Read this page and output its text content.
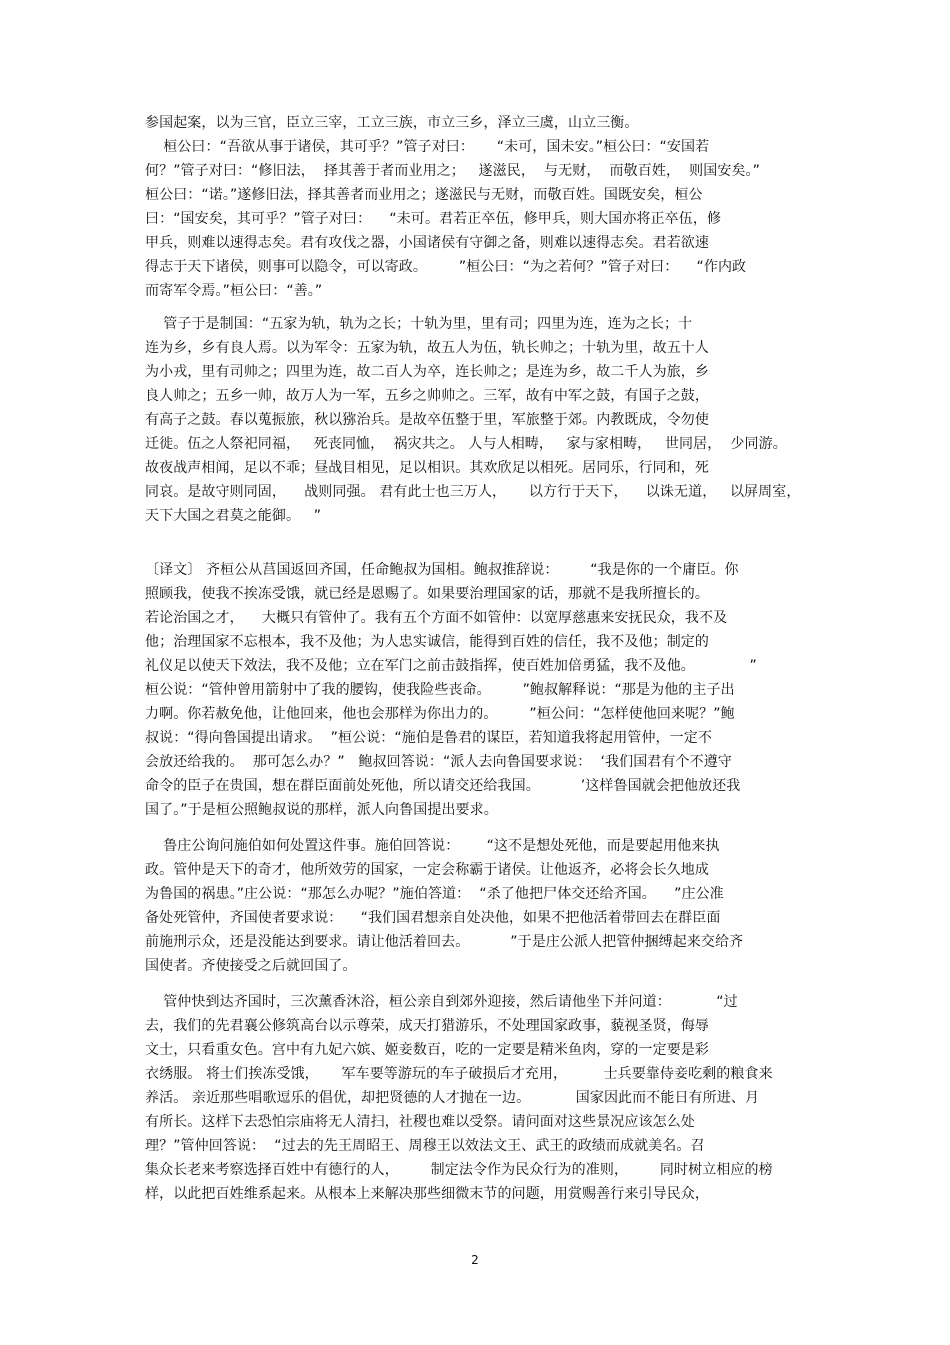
参国起案，以为三官，臣立三宰，工立三族，市立三乡，泽立三虞，山立三衡。
桓公曰：“吾欲从事于诸侯，其可乎？”管子对曰：     “未可，国未安。”桓公曰：“安国若
何？”管子对曰：“修旧法，  择其善于者而业用之；   遂滋民，  与无财，  而敬百姓，  则国安矣。”
桓公曰：“诺。”遂修旧法，择其善者而业用之；遂滋民与无财，而敬百姓。国既安矣，桓公
曰：“国安矣，其可乎？”管子对曰：    “未可。君若正卒伍，修甲兵，则大国亦将正卒伍，修
甲兵，则难以速得志矣。君有攻伐之器，小国诸侯有守御之备，则难以速得志矣。君若欲速
得志于天下诸侯，则事可以隐令，可以寄政。       ”桓公曰：“为之若何？”管子对曰：    “作内政
而寄军令焉。”桓公曰：“善。”
管子于是制国：“五家为轨，轨为之长；十轨为里，里有司；四里为连，连为之长；十
连为乡，乡有良人焉。以为军令：五家为轨，故五人为伍，轨长帅之；十轨为里，故五十人
为小戎，里有司帅之；四里为连，故二百人为卒，连长帅之；是连为乡，故二千人为旅，乡
良人帅之；五乡一帅，故万人为一军，五乡之帅帅之。三军，故有中军之鼓，有国子之鼓，
有高子之鼓。春以蒐振旅，秋以猕治兵。是故卒伍整于里，军旅整于郊。内教既成，令勿使
迁徙。伍之人祭祀同福，   死丧同恤，  祸灾共之。 人与人相畴，   家与家相畴，   世同居，  少同游。
故夜战声相闻，足以不乖；昼战目相见，足以相识。其欢欣足以相死。居同乐，行同和，死
同哀。是故守则同固，    战则同强。 君有此士也三万人，     以方行于天下，    以诛无道，   以屏周室，
天下大国之君莫之能御。   ”
〔译文〕 齐桓公从莒国返回齐国，任命鲍叔为国相。鲍叔推辞说：       “我是你的一个庸臣。你
照顾我，使我不挨冻受饿，就已经是恩赐了。如果要治理国家的话，那就不是我所擅长的。
若论治国之才，    大概只有管仲了。我有五个方面不如管仲：以宽厚慈惠来安抚民众，我不及
他；治理国家不忘根本，我不及他；为人忠实诚信，能得到百姓的信任，我不及他；制定的
礼仪足以使天下效法，我不及他；立在军门之前击鼓指挥，使百姓加倍勇猛，我不及他。            ”
桓公说：“管仲曾用箭射中了我的腰钩，使我险些丧命。       ”鲍叔解释说：“那是为他的主子出
力啊。你若赦免他，让他回来，他也会那样为你出力的。       ”桓公问：“怎样使他回来呢？”鲍
叔说：“得向鲁国提出请求。  ”桓公说：“施伯是鲁君的谋臣，若知道我将起用管仲，一定不
会放还给我的。  那可怎么办？”   鲍叔回答说：“派人去向鲁国要求说：  ‘我们国君有个不遵守
命令的臣子在贵国，想在群臣面前处死他，所以请交还给我国。         ’这样鲁国就会把他放还我
国了。”于是桓公照鲍叔说的那样，派人向鲁国提出要求。
鲁庄公询问施伯如何处置这件事。施伯回答说：      “这不是想处死他，而是要起用他来执
政。管仲是天下的奇才，他所效劳的国家，一定会称霸于诸侯。让他返齐，必将会长久地成
为鲁国的祸患。”庄公说：“那怎么办呢？”施伯答道：  “杀了他把尸体交还给齐国。    ”庄公准
备处死管仲，齐国使者要求说：    “我们国君想亲自处决他，如果不把他活着带回去在群臣面
前施刑示众，还是没能达到要求。请让他活着回去。         ”于是庄公派人把管仲捆缚起来交给齐
国使者。齐使接受之后就回国了。
管仲快到达齐国时，三次薰香沐浴，桓公亲自到郊外迎接，然后请他坐下并问道：          “过
去，我们的先君襄公修筑高台以示尊荣，成天打猎游乐，不处理国家政事，藐视圣贤，侮辱
文士，只看重女色。宫中有九妃六嫔、姬妾数百，吃的一定要是精米鱼肉，穿的一定要是彩
衣绣服。 将士们挨冻受饿，     军车要等游玩的车子破损后才充用，        士兵要靠侍妾吃剩的粮食来
养活。 亲近那些唱歌逗乐的倡优，却把贤德的人才抛在一边。          国家因此而不能日有所进、月
有所长。这样下去恐怕宗庙将无人清扫，社稷也难以受祭。请问面对这些景况应该怎么处
理？”管仲回答说：  “过去的先王周昭王、周穆王以效法文王、武王的政绩而成就美名。召
集众长老来考察选择百姓中有德行的人，       制定法令作为民众行为的准则，       同时树立相应的榜
样，以此把百姓维系起来。从根本上来解决那些细微末节的问题，用赏赐善行来引导民众，
2
